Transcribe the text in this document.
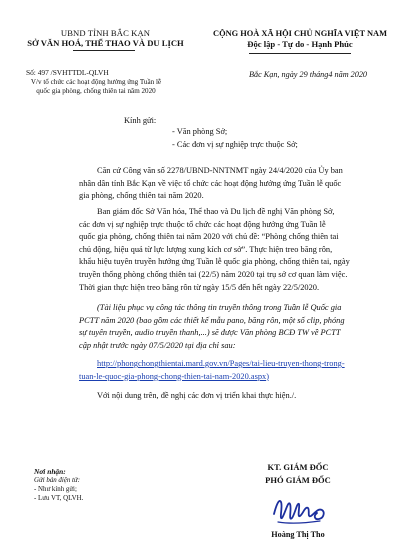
UBND TỈNH BẮC KẠN
SỞ VĂN HOÁ, THỂ THAO VÀ DU LỊCH
CỘNG HOÀ XÃ HỘI CHỦ NGHĨA VIỆT NAM
Độc lập - Tự do - Hạnh Phúc
Số: 497 /SVHTTDL-QLVH
V/v tổ chức các hoạt động hưởng ứng Tuần lễ
quốc gia phòng, chống thiên tai năm 2020
Bắc Kạn, ngày 29 tháng4 năm 2020
Kính gửi:
- Văn phòng Sở;
- Các đơn vị sự nghiệp trực thuộc Sở;
Căn cứ Công văn số 2278/UBND-NNTNMT ngày 24/4/2020 của Ủy ban
nhân dân tỉnh Bắc Kạn về việc tổ chức các hoạt động hưởng ứng Tuần lễ quốc
gia phòng, chống thiên tai năm 2020.
Ban giám đốc Sở Văn hóa, Thể thao và Du lịch đề nghị Văn phòng Sở,
các đơn vị sự nghiệp trực thuộc tổ chức các hoạt động hưởng ứng Tuần lễ
quốc gia phòng, chống thiên tai năm 2020 với chủ đề: “Phòng chống thiên tai
chủ động, hiệu quả từ lực lượng xung kích cơ sở”. Thực hiện treo băng rôn,
khẩu hiệu tuyên truyền hưởng ứng Tuần lễ quốc gia phòng, chống thiên tai, ngày
truyền thống phòng chống thiên tai (22/5) năm 2020 tại trụ sở cơ quan làm việc.
Thời gian thực hiện treo băng rôn từ ngày 15/5 đến hết ngày 22/5/2020.
(Tài liệu phục vụ công tác thông tin truyền thông trong Tuần lễ Quốc gia
PCTT năm 2020 (bao gồm các thiết kế mẫu pano, băng rôn, một số clip, phóng
sự tuyên truyền, audio truyền thanh,...) sẽ được Văn phòng BCĐ TW về PCTT
cập nhật trước ngày 07/5/2020 tại địa chỉ sau:
http://phongchongthientai.mard.gov.vn/Pages/tai-lieu-truyen-thong-trong-
tuan-le-quoc-gia-phong-chong-thien-tai-nam-2020.aspx)
Với nội dung trên, đề nghị các đơn vị triển khai thực hiện./.
Nơi nhận:
Gửi bản điện tử:
- Như kính gửi;
- Lưu VT, QLVH.
KT. GIÁM ĐỐC
PHÓ GIÁM ĐỐC
Hoàng Thị Tho
